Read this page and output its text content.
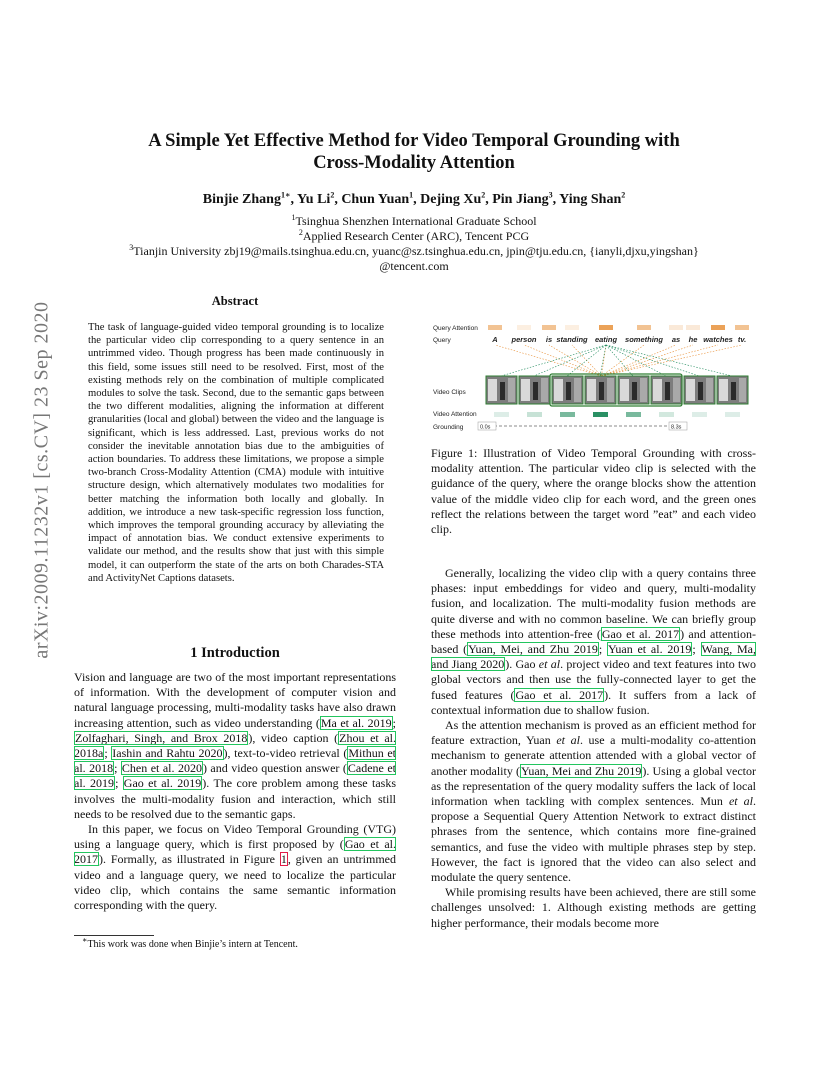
arXiv:2009.11232v1 [cs.CV] 23 Sep 2020
A Simple Yet Effective Method for Video Temporal Grounding with
Cross-Modality Attention
Binjie Zhang$^{1∗}$, Yu Li$^2$, Chun Yuan$^1$, Dejing Xu$^2$, Pin Jiang$^3$, Ying Shan$^2$
$^1$Tsinghua Shenzhen International Graduate School
$^2$Applied Research Center (ARC), Tencent PCG
$^3$Tianjin University zbj19@mails.tsinghua.edu.cn, yuanc@sz.tsinghua.edu.cn, jpin@tju.edu.cn, {ianyli,djxu,yingshan}
@tencent.com
Abstract
The task of language-guided video temporal grounding is to localize the particular video clip corresponding to a query sentence in an untrimmed video. Though progress has been made continuously in this field, some issues still need to be resolved. First, most of the existing methods rely on the combination of multiple complicated modules to solve the task. Second, due to the semantic gaps between the two different modalities, aligning the information at different granularities (local and global) between the video and the language is significant, which is less addressed. Last, previous works do not consider the inevitable annotation bias due to the ambiguities of action boundaries. To address these limitations, we propose a simple two-branch Cross-Modality Attention (CMA) module with intuitive structure design, which alternatively modulates two modalities for better matching the information both locally and globally. In addition, we introduce a new task-specific regression loss function, which improves the temporal grounding accuracy by alleviating the impact of annotation bias. We conduct extensive experiments to validate our method, and the results show that just with this simple model, it can outperform the state of the arts on both Charades-STA and ActivityNet Captions datasets.
1 Introduction

Vision and language are two of the most important representations of information. With the development of computer vision and natural language processing, multi-modality tasks have also drawn increasing attention, such as video understanding (Ma et al. 2019; Zolfaghari, Singh, and Brox 2018), video caption (Zhou et al. 2018a; Iashin and Rahtu 2020), text-to-video retrieval (Mithun et al. 2018; Chen et al. 2020) and video question answer (Cadene et al. 2019; Gao et al. 2019). The core problem among these tasks involves the multi-modality fusion and interaction, which still needs to be resolved due to the semantic gaps.

In this paper, we focus on Video Temporal Grounding (VTG) using a language query, which is first proposed by (Gao et al. 2017). Formally, as illustrated in Figure 1, given an untrimmed video and a language query, we need to localize the particular video clip, which contains the same semantic information corresponding with the query.

∗This work was done when Binjie’s intern at Tencent.
Query Attention
Query
Video Clips
Video Attention
Grounding
A person is standing eating something as he watches tv.
0.0s	8.3s
Figure 1: Illustration of Video Temporal Grounding with cross-modality attention. The particular video clip is selected with the guidance of the query, where the orange blocks show the attention value of the middle video clip for each word, and the green ones reflect the relations between the target word ”eat” and each video clip.

Generally, localizing the video clip with a query contains three phases: input embeddings for video and query, multi-modality fusion, and localization. The multi-modality fusion methods are quite diverse and with no common baseline. We can briefly group these methods into attention-free (Gao et al. 2017) and attention-based (Yuan, Mei, and Zhu 2019; Yuan et al. 2019; Wang, Ma, and Jiang 2020). Gao et al. project video and text features into two global vectors and then use the fully-connected layer to get the fused features (Gao et al. 2017). It suffers from a lack of contextual information due to shallow fusion.

As the attention mechanism is proved as an efficient method for feature extraction, Yuan et al. use a multi-modality co-attention mechanism to generate attention attended with a global vector of another modality (Yuan, Mei and Zhu 2019). Using a global vector as the representation of the query modality suffers the lack of local information when tackling with complex sentences. Mun et al. propose a Sequential Query Attention Network to extract distinct phrases from the sentence, which contains more fine-grained semantics, and fuse the video with multiple phrases step by step. However, the fact is ignored that the video can also select and modulate the query sentence.

While promising results have been achieved, there are still some challenges unsolved: 1. Although existing methods are getting higher performance, their modals become more
